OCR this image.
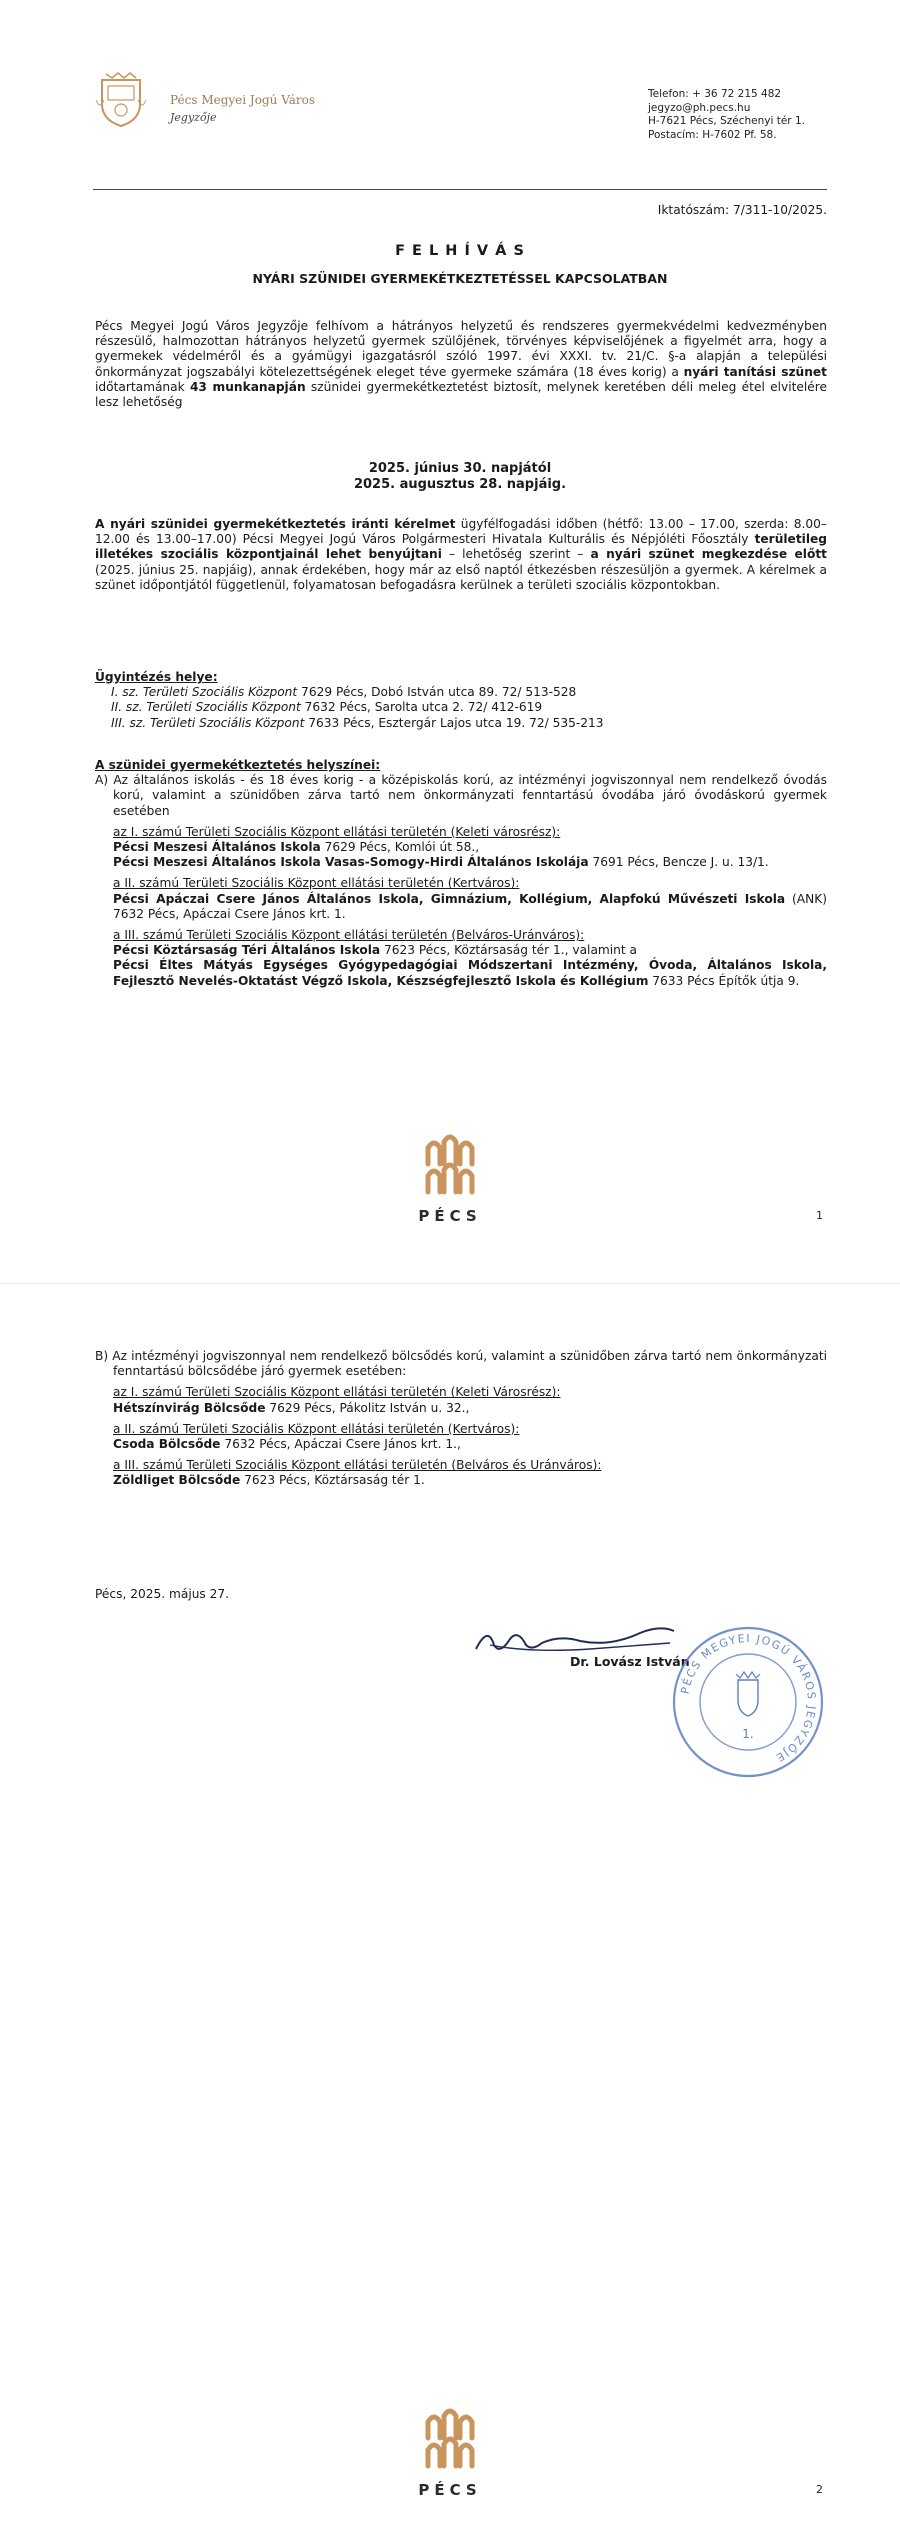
Pécs Megyei Jogú Város
Jegyzője
Telefon: + 36 72 215 482
jegyzo@ph.pecs.hu
H-7621 Pécs, Széchenyi tér 1.
Postacím: H-7602 Pf. 58.
Iktatószám: 7/311-10/2025.
F E L H Í V Á S
NYÁRI SZÜNIDEI GYERMEKÉTKEZTETÉSSEL KAPCSOLATBAN
Pécs Megyei Jogú Város Jegyzője felhívom a hátrányos helyzetű és rendszeres gyermekvédelmi kedvezményben részesülő, halmozottan hátrányos helyzetű gyermek szülőjének, törvényes képviselőjének a figyelmét arra, hogy a gyermekek védelméről és a gyámügyi igazgatásról szóló 1997. évi XXXI. tv. 21/C. §-a alapján a települési önkormányzat jogszabályi kötelezettségének eleget téve gyermeke számára (18 éves korig) a nyári tanítási szünet időtartamának 43 munkanapján szünidei gyermekétkeztetést biztosít, melynek keretében déli meleg étel elvitelére lesz lehetőség
2025. június 30. napjától
2025. augusztus 28. napjáig.
A nyári szünidei gyermekétkeztetés iránti kérelmet ügyfélfogadási időben (hétfő: 13.00 – 17.00, szerda: 8.00–12.00 és 13.00–17.00) Pécsi Megyei Jogú Város Polgármesteri Hivatala Kulturális és Népjóléti Főosztály területileg illetékes szociális központjainál lehet benyújtani – lehetőség szerint – a nyári szünet megkezdése előtt (2025. június 25. napjáig), annak érdekében, hogy már az első naptól étkezésben részesüljön a gyermek. A kérelmek a szünet időpontjától függetlenül, folyamatosan befogadásra kerülnek a területi szociális központokban.
Ügyintézés helye:
I. sz. Területi Szociális Központ 7629 Pécs, Dobó István utca 89. 72/ 513-528
II. sz. Területi Szociális Központ 7632 Pécs, Sarolta utca 2. 72/ 412-619
III. sz. Területi Szociális Központ 7633 Pécs, Esztergár Lajos utca 19. 72/ 535-213
A szünidei gyermekétkeztetés helyszínei:
A) Az általános iskolás - és 18 éves korig - a középiskolás korú, az intézményi jogviszonnyal nem rendelkező óvodás korú, valamint a szünidőben zárva tartó nem önkormányzati fenntartású óvodába járó óvodáskorú gyermek esetében
az I. számú Területi Szociális Központ ellátási területén (Keleti városrész):
Pécsi Meszesi Általános Iskola 7629 Pécs, Komlói út 58.,
Pécsi Meszesi Általános Iskola Vasas-Somogy-Hirdi Általános Iskolája 7691 Pécs, Bencze J. u. 13/1.
a II. számú Területi Szociális Központ ellátási területén (Kertváros):
Pécsi Apáczai Csere János Általános Iskola, Gimnázium, Kollégium, Alapfokú Művészeti Iskola (ANK) 7632 Pécs, Apáczai Csere János krt. 1.
a III. számú Területi Szociális Központ ellátási területén (Belváros-Uránváros):
Pécsi Köztársaság Téri Általános Iskola 7623 Pécs, Köztársaság tér 1., valamint a
Pécsi Éltes Mátyás Egységes Gyógypedagógiai Módszertani Intézmény, Óvoda, Általános Iskola, Fejlesztő Nevelés-Oktatást Végző Iskola, Készségfejlesztő Iskola és Kollégium 7633 Pécs Építők útja 9.
PÉCS	1
B) Az intézményi jogviszonnyal nem rendelkező bölcsődés korú, valamint a szünidőben zárva tartó nem önkormányzati fenntartású bölcsődébe járó gyermek esetében:
az I. számú Területi Szociális Központ ellátási területén (Keleti Városrész):
Hétszínvirág Bölcsőde 7629 Pécs, Pákolitz István u. 32.,
a II. számú Területi Szociális Központ ellátási területén (Kertváros):
Csoda Bölcsőde 7632 Pécs, Apáczai Csere János krt. 1.,
a III. számú Területi Szociális Központ ellátási területén (Belváros és Uránváros):
Zöldliget Bölcsőde 7623 Pécs, Köztársaság tér 1.
Pécs, 2025. május 27.
Dr. Lovász István
PÉCS MEGYEI JOGÚ VÁROS JEGYZŐJE
1.
PÉCS	2
